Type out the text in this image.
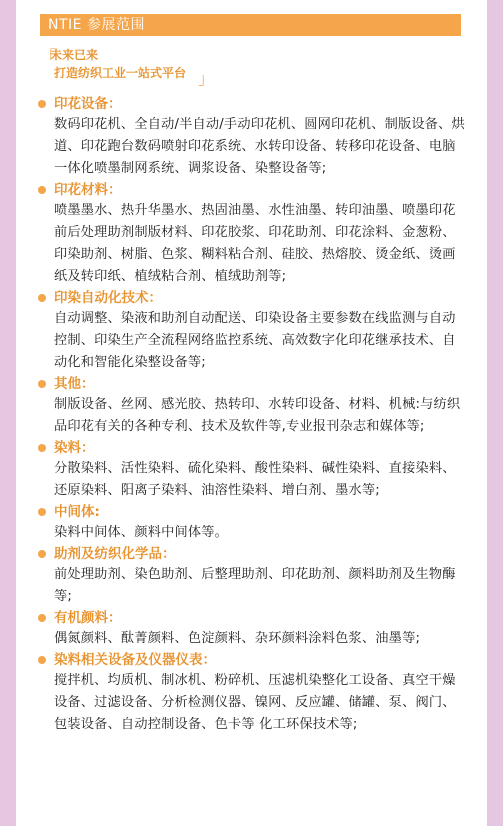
NTIE 参展范围
「
未来已来
打造纺织工业一站式平台 」
印花设备：
数码印花机、全自动/半自动/手动印花机、圆网印花机、制版设备、烘道、印花跑台数码喷射印花系统、水转印设备、转移印花设备、电脑一体化喷墨制网系统、调浆设备、染整设备等;
印花材料：
喷墨墨水、热升华墨水、热固油墨、水性油墨、转印油墨、喷墨印花前后处理助剂制版材料、印花胶浆、印花助剂、印花涂料、金葱粉、印染助剂、树脂、色浆、糊料粘合剂、硅胶、热熔胶、烫金纸、烫画纸及转印纸、植绒粘合剂、植绒助剂等;
印染自动化技术：
自动调整、染液和助剂自动配送、印染设备主要参数在线监测与自动 控制、印染生产全流程网络监控系统、高效数字化印花继承技术、自动化和智能化染整设备等;
其他：
制版设备、丝网、感光胶、热转印、水转印设备、材料、机械:与纺织品印花有关的各种专利、技术及软件等,专业报刊杂志和媒体等;
染料：
分散染料、活性染料、硫化染料、酸性染料、碱性染料、直接染料、还原染料、阳离子染料、油溶性染料、增白剂、墨水等;
中间体:
染料中间体、颜料中间体等。
助剂及纺织化学品：
前处理助剂、染色助剂、后整理助剂、印花助剂、颜料助剂及生物酶等;
有机颜料：
偶氮颜料、酞菁颜料、色淀颜料、杂环颜料涂料色浆、油墨等;
染料相关设备及仪器仪表：
搅拌机、均质机、制冰机、粉碎机、压滤机染整化工设备、真空干燥设备、过滤设备、分析检测仪器、镍网、反应罐、储罐、泵、阀门、包装设备、自动控制设备、色卡等 化工环保技术等;
